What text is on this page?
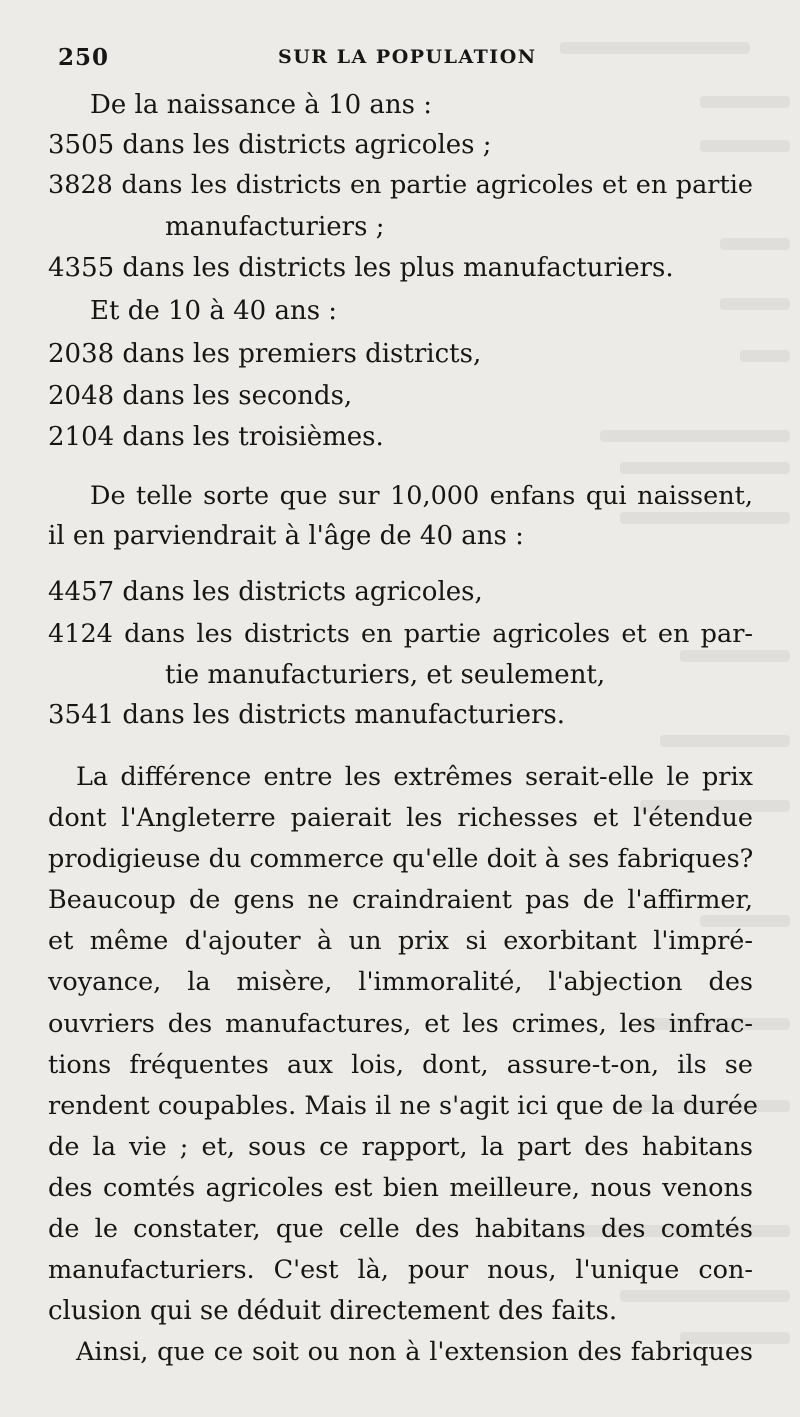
250	SUR LA POPULATION
De la naissance à 10 ans :
3505 dans les districts agricoles ;
3828 dans les districts en partie agricoles et en partie
manufacturiers ;
4355 dans les districts les plus manufacturiers.
Et de 10 à 40 ans :
2038 dans les premiers districts,
2048 dans les seconds,
2104 dans les troisièmes.
De telle sorte que sur 10,000 enfans qui naissent,
il en parviendrait à l'âge de 40 ans :
4457 dans les districts agricoles,
4124 dans les districts en partie agricoles et en par-
tie manufacturiers, et seulement,
3541 dans les districts manufacturiers.
La différence entre les extrêmes serait-elle le prix
dont l'Angleterre paierait les richesses et l'étendue
prodigieuse du commerce qu'elle doit à ses fabriques?
Beaucoup de gens ne craindraient pas de l'affirmer,
et même d'ajouter à un prix si exorbitant l'impré-
voyance, la misère, l'immoralité, l'abjection des
ouvriers des manufactures, et les crimes, les infrac-
tions fréquentes aux lois, dont, assure-t-on, ils se
rendent coupables. Mais il ne s'agit ici que de la durée
de la vie ; et, sous ce rapport, la part des habitans
des comtés agricoles est bien meilleure, nous venons
de le constater, que celle des habitans des comtés
manufacturiers. C'est là, pour nous, l'unique con-
clusion qui se déduit directement des faits.
Ainsi, que ce soit ou non à l'extension des fabriques
